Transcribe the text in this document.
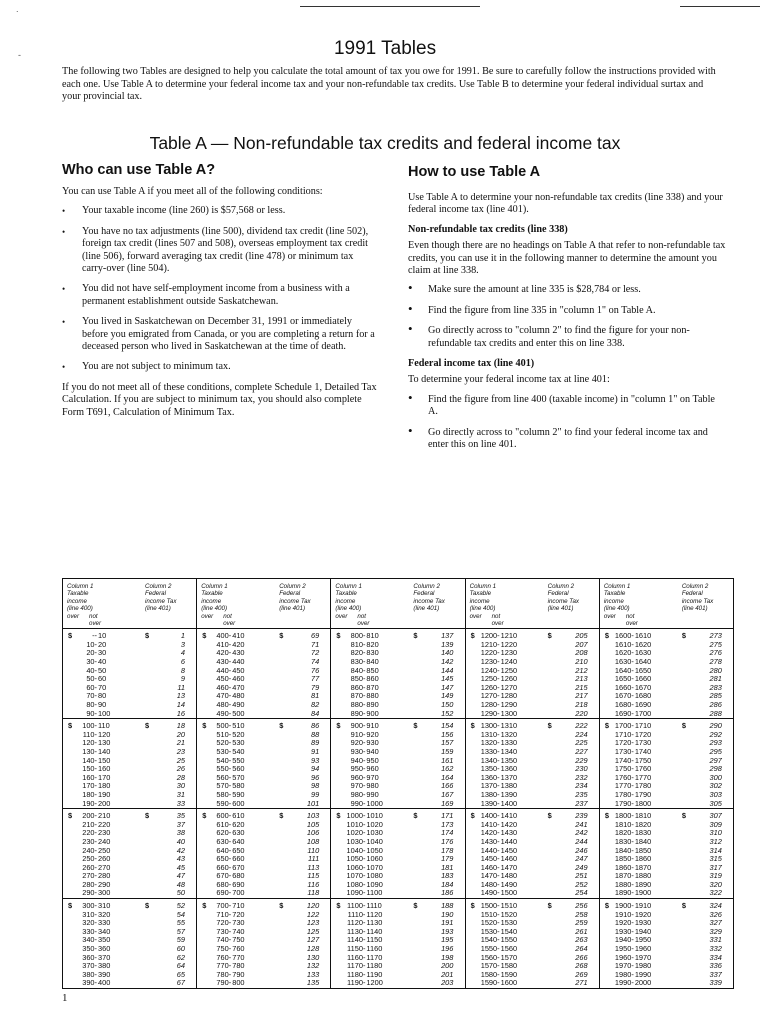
.
-	1991 Tables

The following two Tables are designed to help you calculate the total amount of tax you owe for 1991. Be sure to carefully follow the instructions provided with each one. Use Table A to determine your federal income tax and your non-refundable tax credits. Use Table B to determine your federal individual surtax and your provincial tax.

Table A — Non-refundable tax credits and federal income tax
Who can use Table A?

You can use Table A if you meet all of the following conditions:

• Your taxable income (line 260) is $57,568 or less.
• You have no tax adjustments (line 500), dividend tax credit (line 502), foreign tax credit (lines 507 and 508), overseas employment tax credit (line 506), forward averaging tax credit (line 478) or minimum tax carry-over (line 504).
• You did not have self-employment income from a business with a permanent establishment outside Saskatchewan.
• You lived in Saskatchewan on December 31, 1991 or immediately before you emigrated from Canada, or you are completing a return for a deceased person who lived in Saskatchewan at the time of death.
• You are not subject to minimum tax.

If you do not meet all of these conditions, complete Schedule 1, Detailed Tax Calculation. If you are subject to minimum tax, you should also complete Form T691, Calculation of Minimum Tax.

How to use Table A

Use Table A to determine your non-refundable tax credits (line 338) and your federal income tax (line 401).

Non-refundable tax credits (line 338)

Even though there are no headings on Table A that refer to non-refundable tax credits, you can use it in the following manner to determine the amount you claim at line 338.

• Make sure the amount at line 335 is $28,784 or less.
• Find the figure from line 335 in "column 1" on Table A.
• Go directly across to "column 2" to find the figure for your non-refundable tax credits and enter this on line 338.
Federal income tax (line 401)

To determine your federal income tax at line 401:

• Find the figure from line 400 (taxable income) in "column 1" on Table A.
• Go directly across to "column 2" to find your federal income tax and enter this on line 401.
Column 1
Taxable
income
(line 400)
Column 2
Federal
income Tax
(line 401)
over not
over
$	$
-- 10	1
10- 20	3
20- 30	4
30- 40	6
40- 50	8
50- 60	9
60- 70	11
70- 80	13
80- 90	14
90- 100	16
$	$
100- 110	18
110- 120	20
120- 130	21
130- 140	23
140- 150	25
150- 160	26
160- 170	28
170- 180	30
180- 190	31
190- 200	33
$	$
200- 210	35
210- 220	37
220- 230	38
230- 240	40
240- 250	42
250- 260	43
260- 270	45
270- 280	47
280- 290	48
290- 300	50
$	$
300- 310	52
310- 320	54
320- 330	55
330- 340	57
340- 350	59
350- 360	60
360- 370	62
370- 380	64
380- 390	65
390- 400	67
Column 1
Taxable
income
(line 400)
Column 2
Federal
income Tax
(line 401)
over not
over
$	$
400- 410	69
410- 420	71
420- 430	72
430- 440	74
440- 450	76
450- 460	77
460- 470	79
470- 480	81
480- 490	82
490- 500	84
$	$
500- 510	86
510- 520	88
520- 530	89
530- 540	91
540- 550	93
550- 560	94
560- 570	96
570- 580	98
580- 590	99
590- 600	101
$	$
600- 610	103
610- 620	105
620- 630	106
630- 640	108
640- 650	110
650- 660	111
660- 670	113
670- 680	115
680- 690	116
690- 700	118
$	$
700- 710	120
710- 720	122
720- 730	123
730- 740	125
740- 750	127
750- 760	128
760- 770	130
770- 780	132
780- 790	133
790- 800	135
Column 1
Taxable
income
(line 400)
Column 2
Federal
income Tax
(line 401)
over not
over
$	$
800- 810	137
810- 820	139
820- 830	140
830- 840	142
840- 850	144
850- 860	145
860- 870	147
870- 880	149
880- 890	150
890- 900	152
$	$
900- 910	154
910- 920	156
920- 930	157
930- 940	159
940- 950	161
950- 960	162
960- 970	164
970- 980	166
980- 990	167
990- 1000	169
$	$
1000- 1010	171
1010- 1020	173
1020- 1030	174
1030- 1040	176
1040- 1050	178
1050- 1060	179
1060- 1070	181
1070- 1080	183
1080- 1090	184
1090- 1100	186
$	$
1100- 1110	188
1110- 1120	190
1120- 1130	191
1130- 1140	193
1140- 1150	195
1150- 1160	196
1160- 1170	198
1170- 1180	200
1180- 1190	201
1190- 1200	203
Column 1
Taxable
income
(line 400)
Column 2
Federal
income Tax
(line 401)
over not
over
$	$
1200- 1210	205
1210- 1220	207
1220- 1230	208
1230- 1240	210
1240- 1250	212
1250- 1260	213
1260- 1270	215
1270- 1280	217
1280- 1290	218
1290- 1300	220
$	$
1300- 1310	222
1310- 1320	224
1320- 1330	225
1330- 1340	227
1340- 1350	229
1350- 1360	230
1360- 1370	232
1370- 1380	234
1380- 1390	235
1390- 1400	237
$	$
1400- 1410	239
1410- 1420	241
1420- 1430	242
1430- 1440	244
1440- 1450	246
1450- 1460	247
1460- 1470	249
1470- 1480	251
1480- 1490	252
1490- 1500	254
$	$
1500- 1510	256
1510- 1520	258
1520- 1530	259
1530- 1540	261
1540- 1550	263
1550- 1560	264
1560- 1570	266
1570- 1580	268
1580- 1590	269
1590- 1600	271
Column 1
Taxable
income
(line 400)
Column 2
Federal
income Tax
(line 401)
over not
over
$	$
1600- 1610	273
1610- 1620	275
1620- 1630	276
1630- 1640	278
1640- 1650	280
1650- 1660	281
1660- 1670	283
1670- 1680	285
1680- 1690	286
1690- 1700	288
$	$
1700- 1710	290
1710- 1720	292
1720- 1730	293
1730- 1740	295
1740- 1750	297
1750- 1760	298
1760- 1770	300
1770- 1780	302
1780- 1790	303
1790- 1800	305
$	$
1800- 1810	307
1810- 1820	309
1820- 1830	310
1830- 1840	312
1840- 1850	314
1850- 1860	315
1860- 1870	317
1870- 1880	319
1880- 1890	320
1890- 1900	322
$	$
1900- 1910	324
1910- 1920	326
1920- 1930	327
1930- 1940	329
1940- 1950	331
1950- 1960	332
1960- 1970	334
1970- 1980	336
1980- 1990	337
1990- 2000	339
1
